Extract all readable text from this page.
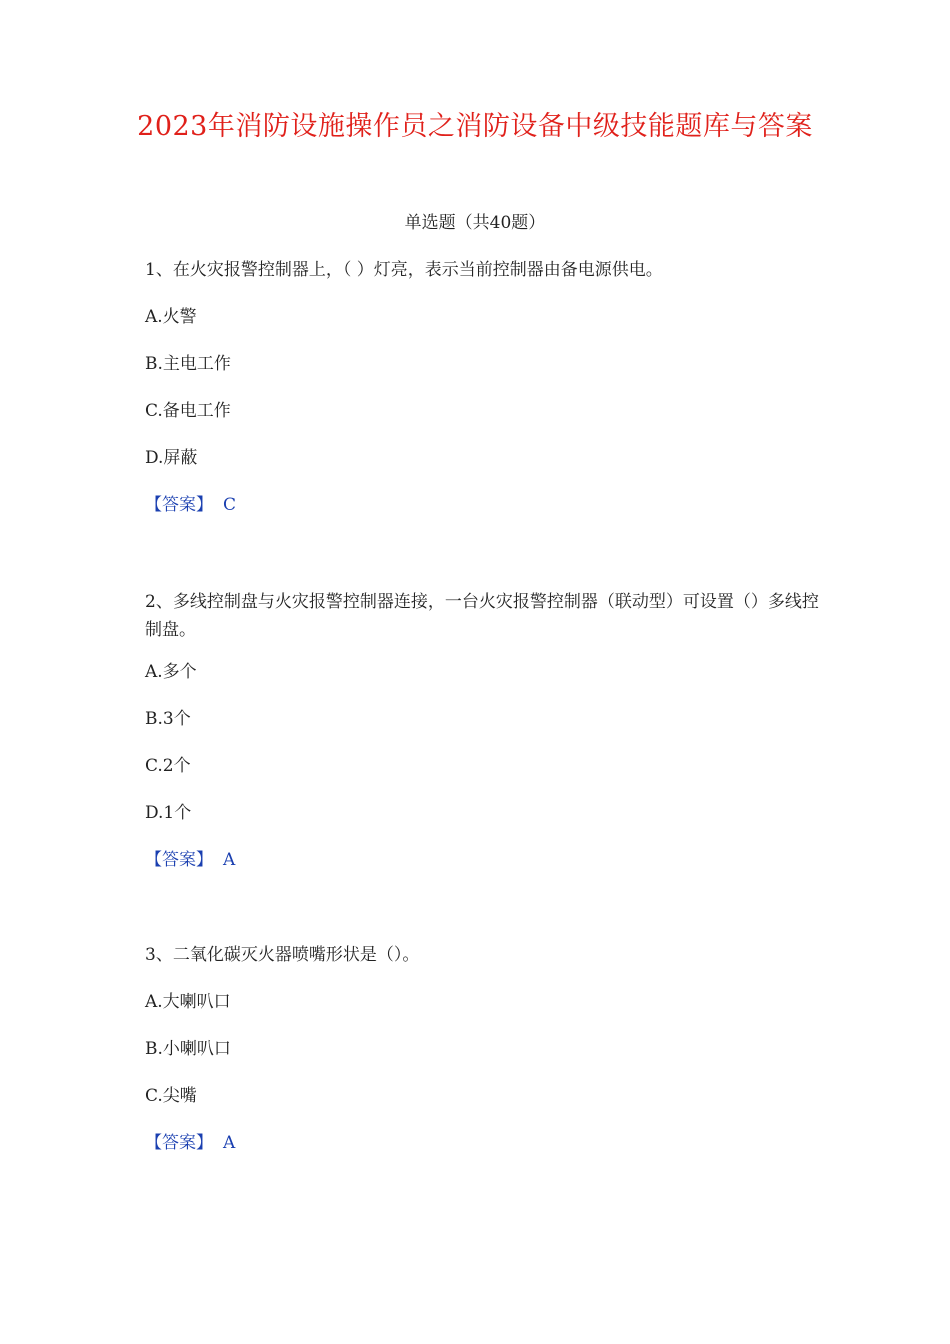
2023年消防设施操作员之消防设备中级技能题库与答案
单选题（共40题）
1、在火灾报警控制器上，（ ）灯亮，表示当前控制器由备电源供电。
A.火警
B.主电工作
C.备电工作
D.屏蔽
【答案】 C
2、多线控制盘与火灾报警控制器连接，一台火灾报警控制器（联动型）可设置（）多线控制盘。
A.多个
B.3个
C.2个
D.1个
【答案】 A
3、二氧化碳灭火器喷嘴形状是（）。
A.大喇叭口
B.小喇叭口
C.尖嘴
【答案】 A
